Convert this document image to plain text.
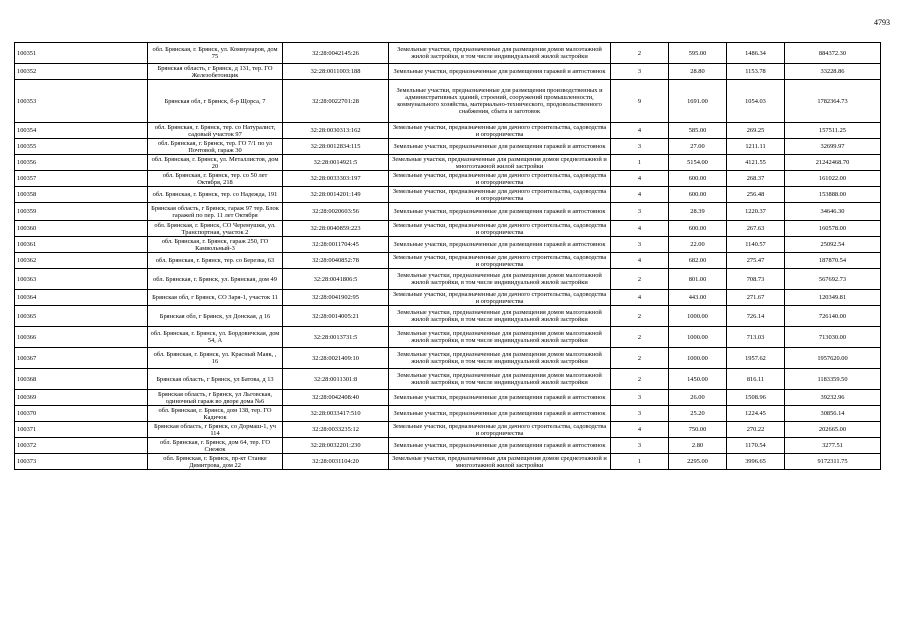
4793
100351	обл. Брянская, г. Брянск, ул. Коммунаров, дом 75	32:28:0042145:26	Земельные участки, предназначенные для размещения домов малоэтажной жилой застройки, в том числе индивидуальной жилой застройки	2	595.00	1486.34	884372.30
100352	Брянская область, г Брянск, д 131, тер. ГО Железобетонщик	32:28:0011003:188	Земельные участки, предназначенные для размещения гаражей и автостоянок	3	28.80	1153.78	33228.86
100353	Брянская обл, г Брянск, б-р Щорса, 7	32:28:0022701:28	Земельные участки, предназначенные для размещения производственных и административных зданий, строений, сооружений промышленности, коммунального хозяйства, материально-технического, продовольственного снабжения, сбыта и заготовок	9	1691.00	1054.03	1782364.73
100354	обл. Брянская, г. Брянск, тер. со Натуралист, садовый участок 97	32:28:0030313:162	Земельные участки, предназначенные для дачного строительства, садоводства и огородничества	4	585.00	269.25	157511.25
100355	обл. Брянская, г. Брянск, тер. ГО 7/1 по ул Почтовой, гараж 30	32:28:0012834:115	Земельные участки, предназначенные для размещения гаражей и автостоянок	3	27.00	1211.11	32699.97
100356	обл. Брянская, г. Брянск, ул. Металлистов, дом 20	32:28:0014921:5	Земельные участки, предназначенные для размещения домов среднеэтажной и многоэтажной жилой застройки	1	5154.00	4121.55	21242468.70
100357	обл. Брянская, г. Брянск, тер. со 50 лет Октября, 218	32:28:0033303:197	Земельные участки, предназначенные для дачного строительства, садоводства и огородничества	4	600.00	268.37	161022.00
100358	обл. Брянская, г. Брянск, тер. со Надежда, 191	32:28:0014201:149	Земельные участки, предназначенные для дачного строительства, садоводства и огородничества	4	600.00	256.48	153888.00
100359	Брянская область, г Брянск, гараж 97 тер. Блок гаражей по пер. 11 лет Октября	32:28:0020603:56	Земельные участки, предназначенные для размещения гаражей и автостоянок	3	28.39	1220.37	34646.30
100360	обл. Брянская, г. Брянск, СО Черемушки, ул. Транспортная, участок 2	32:28:0040859:223	Земельные участки, предназначенные для дачного строительства, садоводства и огородничества	4	600.00	267.63	160578.00
100361	обл. Брянская, г. Брянск, гараж 250, ГО Камвольный-3	32:28:0011704:45	Земельные участки, предназначенные для размещения гаражей и автостоянок	3	22.00	1140.57	25092.54
100362	обл. Брянская, г. Брянск, тер. со Березка, 63	32:28:0040852:78	Земельные участки, предназначенные для дачного строительства, садоводства и огородничества	4	682.00	275.47	187870.54
100363	обл. Брянская, г. Брянск, ул. Брянская, дом 49	32:28:0041806:5	Земельные участки, предназначенные для размещения домов малоэтажной жилой застройки, в том числе индивидуальной жилой застройки	2	801.00	708.73	567692.73
100364	Брянская обл, г Брянск, СО Заря-1, участок 11	32:28:0041902:95	Земельные участки, предназначенные для дачного строительства, садоводства и огородничества	4	443.00	271.67	120349.81
100365	Брянская обл, г Брянск, ул Донская, д 16	32:28:0014005:21	Земельные участки, предназначенные для размещения домов малоэтажной жилой застройки, в том числе индивидуальной жилой застройки	2	1000.00	726.14	726140.00
100366	обл. Брянская, г. Брянск, ул. Бордовичская, дом 54, А	32:28:0013731:5	Земельные участки, предназначенные для размещения домов малоэтажной жилой застройки, в том числе индивидуальной жилой застройки	2	1000.00	713.03	713030.00
100367	обл. Брянская, г. Брянск, ул. Красный Маяк, , 16	32:28:0021409:10	Земельные участки, предназначенные для размещения домов малоэтажной жилой застройки, в том числе индивидуальной жилой застройки	2	1000.00	1957.62	1957620.00
100368	Брянская область, г Брянск, ул Батова, д 13	32:28:0011301:8	Земельные участки, предназначенные для размещения домов малоэтажной жилой застройки, в том числе индивидуальной жилой застройки	2	1450.00	816.11	1183359.50
100369	Брянская область, г Брянск, ул Льговская, одиночный гараж во дворе дома №6	32:28:0042408:40	Земельные участки, предназначенные для размещения гаражей и автостоянок	3	26.00	1508.96	39232.96
100370	обл. Брянская, г. Брянск, дом 138, тер. ГО Кадичок	32:28:0033417:510	Земельные участки, предназначенные для размещения гаражей и автостоянок	3	25.20	1224.45	30856.14
100371	Брянская область, г Брянск, со Дормаш-1, уч 114	32:28:0033235:12	Земельные участки, предназначенные для дачного строительства, садоводства и огородничества	4	750.00	270.22	202665.00
100372	обл. Брянская, г. Брянск, дом 64, тер. ГО Снежок	32:28:0032201:230	Земельные участки, предназначенные для размещения гаражей и автостоянок	3	2.80	1170.54	3277.51
100373	обл. Брянская, г. Брянск, пр-кт Станке Димитрова, дом 22	32:28:0031104:20	Земельные участки, предназначенные для размещения домов среднеэтажной и многоэтажной жилой застройки	1	2295.00	3996.65	9172311.75
